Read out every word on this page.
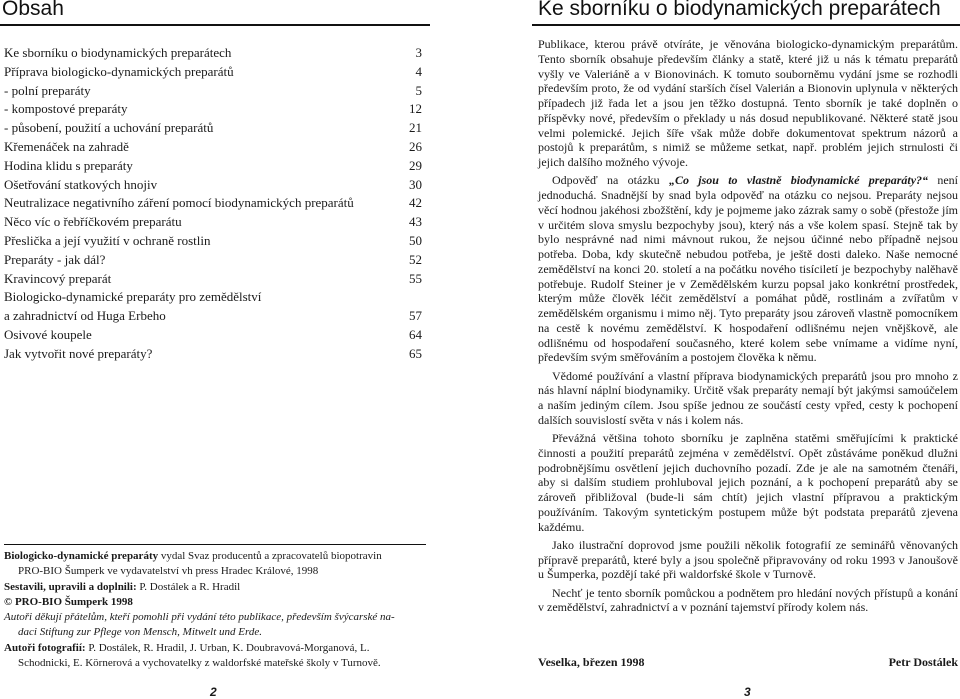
Obsah
Ke sborníku o biodynamických preparátech	3
Příprava biologicko-dynamických preparátů	4
- polní preparáty	5
- kompostové preparáty	12
- působení, použití a uchování preparátů	21
Křemenáček na zahradě	26
Hodina klidu s preparáty	29
Ošetřování statkových hnojiv	30
Neutralizace negativního záření pomocí biodynamických preparátů	42
Něco víc o řebříčkovém preparátu	43
Přeslička a její využití v ochraně rostlin	50
Preparáty - jak dál?	52
Kravincový preparát	55
Biologicko-dynamické preparáty pro zemědělství
a zahradnictví od Huga Erbeho	57
Osivové koupele	64
Jak vytvořit nové preparáty?	65

Biologicko-dynamické preparáty vydal Svaz producentů a zpracovatelů biopotravin

PRO-BIO Šumperk ve vydavatelství vh press Hradec Králové, 1998

Sestavili, upravili a doplnili: P. Dostálek a R. Hradil

© PRO-BIO Šumperk 1998

Autoři děkují přátelům, kteří pomohli při vydání této publikace, především švýcarské na-

daci Stiftung zur Pflege von Mensch, Mitwelt und Erde.

Autoři fotografií: P. Dostálek, R. Hradil, J. Urban, K. Doubravová-Morganová, L.

Schodnicki, E. Körnerová a vychovatelky z waldorfské mateřské školy v Turnově.

2
Ke sborníku o biodynamických preparátech

Publikace, kterou právě otvíráte, je věnována biologicko-dynamickým preparátům. Tento sborník obsahuje především články a statě, které již u nás k tématu preparátů vyšly ve Valeriáně a v Bionovinách. K tomuto souborněmu vydání jsme se rozhodli především proto, že od vydání starších čísel Valerián a Bionovin uplynula v některých případech již řada let a jsou jen těžko dostupná. Tento sborník je také doplněn o příspěvky nové, především o překlady u nás dosud nepublikované. Některé statě jsou velmi polemické. Jejich šíře však může dobře dokumentovat spektrum názorů a postojů k preparátům, s nimiž se můžeme setkat, např. problém jejich strnulosti či jejich dalšího možného vývoje.

Odpověď na otázku „Co jsou to vlastně biodynamické preparáty?“ není jednoduchá. Snadnější by snad byla odpověď na otázku co nejsou. Preparáty nejsou věcí hodnou jakéhosi zbožštění, kdy je pojmeme jako zázrak samy o sobě (přestože jím v určitém slova smyslu bezpochyby jsou), který nás a vše kolem spasí. Stejně tak by bylo nesprávné nad nimi mávnout rukou, že nejsou účinné nebo případně nejsou potřeba. Doba, kdy skutečně nebudou potřeba, je ještě dosti daleko. Naše nemocné zemědělství na konci 20. století a na počátku nového tisíciletí je bezpochyby nalěhavě potřebuje. Rudolf Steiner je v Zemědělském kurzu popsal jako konkrétní prostředek, kterým může člověk léčit zemědělství a pomáhat půdě, rostlinám a zvířatům v zemědělském organismu i mimo něj. Tyto preparáty jsou zároveň vlastně pomocníkem na cestě k novému zemědělství. K hospodaření odlišnému nejen vnějškově, ale odlišnému od hospodaření současného, které kolem sebe vnímame a vidíme nyní, především svým směřováním a postojem člověka k němu.

Vědomé používání a vlastní příprava biodynamických preparátů jsou pro mnoho z nás hlavní náplní biodynamiky. Určitě však preparáty nemají být jakýmsi samoúčelem a naším jediným cílem. Jsou spíše jednou ze součástí cesty vpřed, cesty k pochopení dalších souvislostí světa v nás i kolem nás.

Převážná většina tohoto sborníku je zaplněna statěmi směřujícími k praktické činnosti a použití preparátů zejména v zemědělství. Opět zůstáváme poněkud dlužni podrobnějšímu osvětlení jejich duchovního pozadí. Zde je ale na samotném čtenáři, aby si dalším studiem prohluboval jejich poznání, a k pochopení preparátů aby se zároveň přibližoval (bude-li sám chtít) jejich vlastní přípravou a praktickým používáním. Takovým syntetickým postupem může být podstata preparátů zjevena každému.

Jako ilustrační doprovod jsme použili několik fotografií ze seminářů věnovaných přípravě preparátů, které byly a jsou společně připravovány od roku 1993 v Janoušově u Šumperka, pozdějí také při waldorfské škole v Turnově.

Nechť je tento sborník pomůckou a podnětem pro hledání nových přístupů a konání v zemědělství, zahradnictví a v poznání tajemství přírody kolem nás.

Veselka, březen 1998	Petr Dostálek
3
